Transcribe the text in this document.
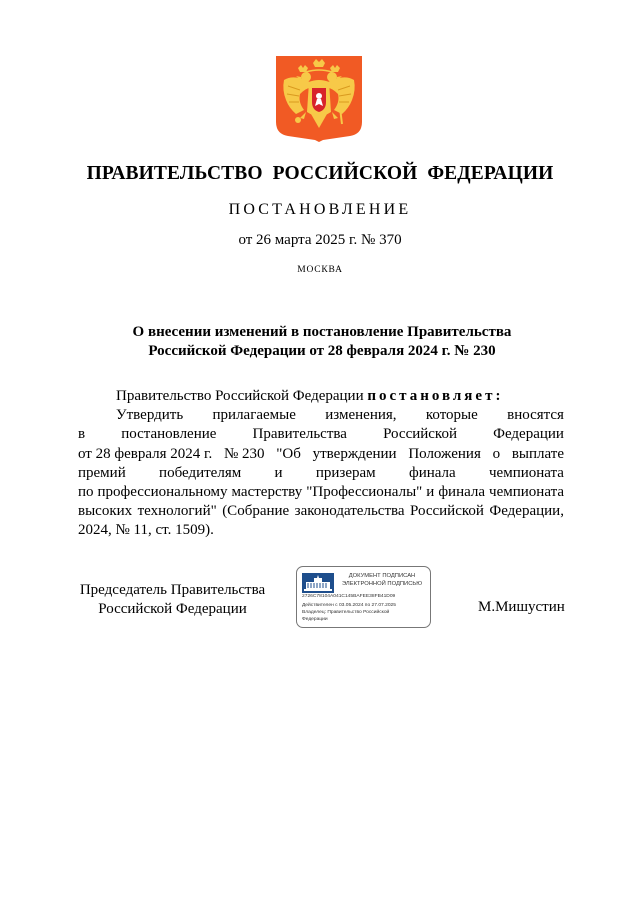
ПРАВИТЕЛЬСТВО  РОССИЙСКОЙ  ФЕДЕРАЦИИ
ПОСТАНОВЛЕНИЕ
от 26 марта 2025 г. № 370
МОСКВА
О внесении изменений в постановление Правительства
Российской Федерации от 28 февраля 2024 г. № 230
Правительство Российской Федерации постановляет:
Утвердить прилагаемые изменения, которые вносятся
в постановление Правительства Российской Федерации
от 28 февраля 2024 г. № 230 "Об утверждении Положения о выплате
премий победителям и призерам финала чемпионата
по профессиональному мастерству "Профессионалы" и финала чемпионата
высоких технологий" (Собрание законодательства Российской Федерации,
2024, № 11, ст. 1509).
Председатель Правительства
Российской Федерации	М.Мишустин
ДОКУМЕНТ ПОДПИСАН
ЭЛЕКТРОННОЙ ПОДПИСЬЮ
2726C78104A041C145BAFEE38FB41D09
Действителен с 03.05.2024 по 27.07.2025
Владелец: Правительство Российской Федерации
